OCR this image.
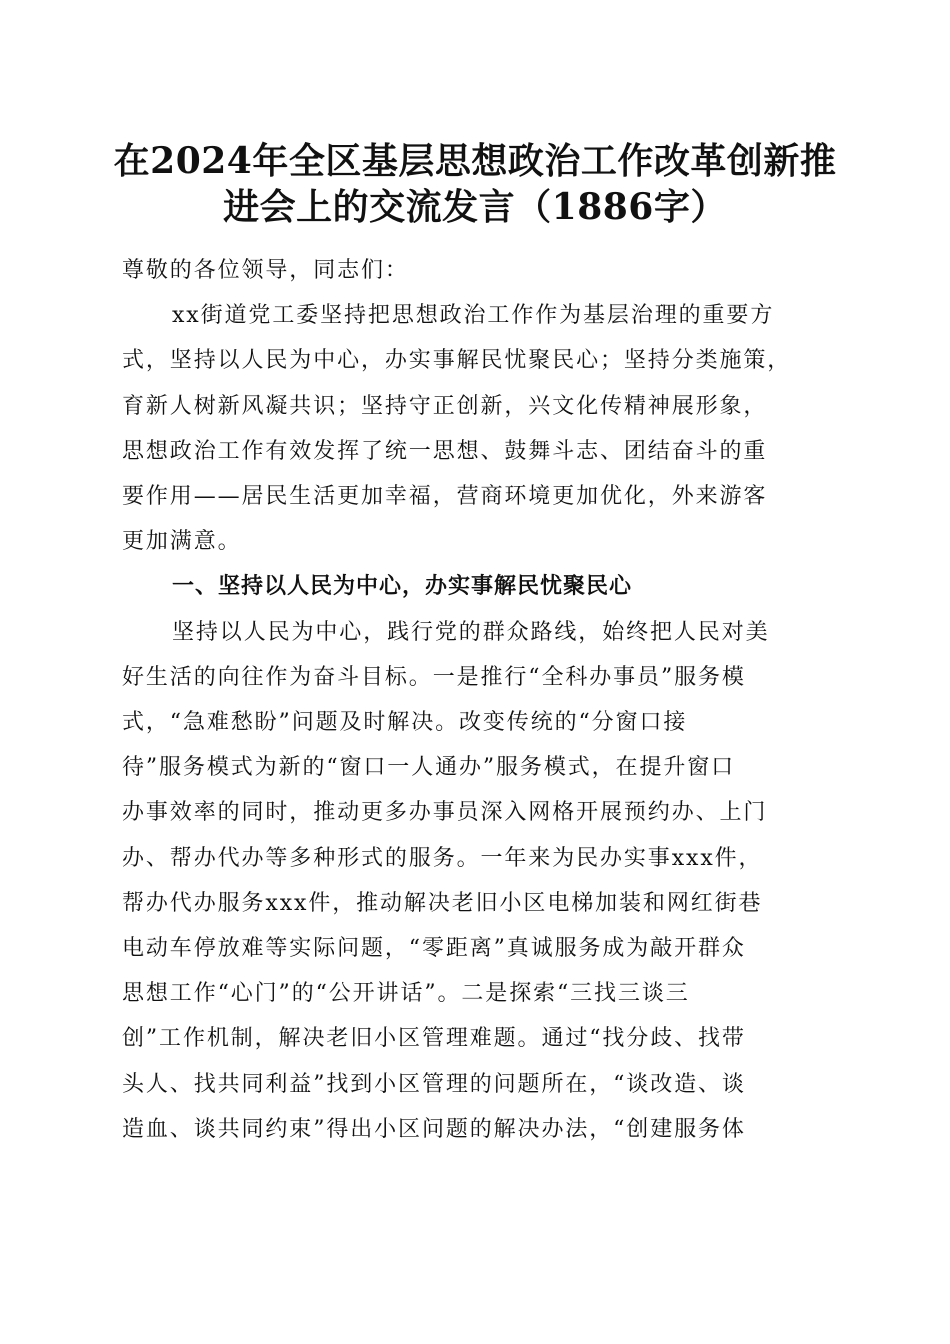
在2024年全区基层思想政治工作改革创新推
进会上的交流发言（1886字）
尊敬的各位领导，同志们：
xx街道党工委坚持把思想政治工作作为基层治理的重要方
式，坚持以人民为中心，办实事解民忧聚民心；坚持分类施策，
育新人树新风凝共识；坚持守正创新，兴文化传精神展形象，
思想政治工作有效发挥了统一思想、鼓舞斗志、团结奋斗的重
要作用——居民生活更加幸福，营商环境更加优化，外来游客
更加满意。
一、坚持以人民为中心，办实事解民忧聚民心
坚持以人民为中心，践行党的群众路线，始终把人民对美
好生活的向往作为奋斗目标。一是推行“全科办事员”服务模
式，“急难愁盼”问题及时解决。改变传统的“分窗口接
待”服务模式为新的“窗口一人通办”服务模式，在提升窗口
办事效率的同时，推动更多办事员深入网格开展预约办、上门
办、帮办代办等多种形式的服务。一年来为民办实事xxx件，
帮办代办服务xxx件，推动解决老旧小区电梯加装和网红街巷
电动车停放难等实际问题，“零距离”真诚服务成为敲开群众
思想工作“心门”的“公开讲话”。二是探索“三找三谈三
创”工作机制，解决老旧小区管理难题。通过“找分歧、找带
头人、找共同利益”找到小区管理的问题所在，“谈改造、谈
造血、谈共同约束”得出小区问题的解决办法，“创建服务体
